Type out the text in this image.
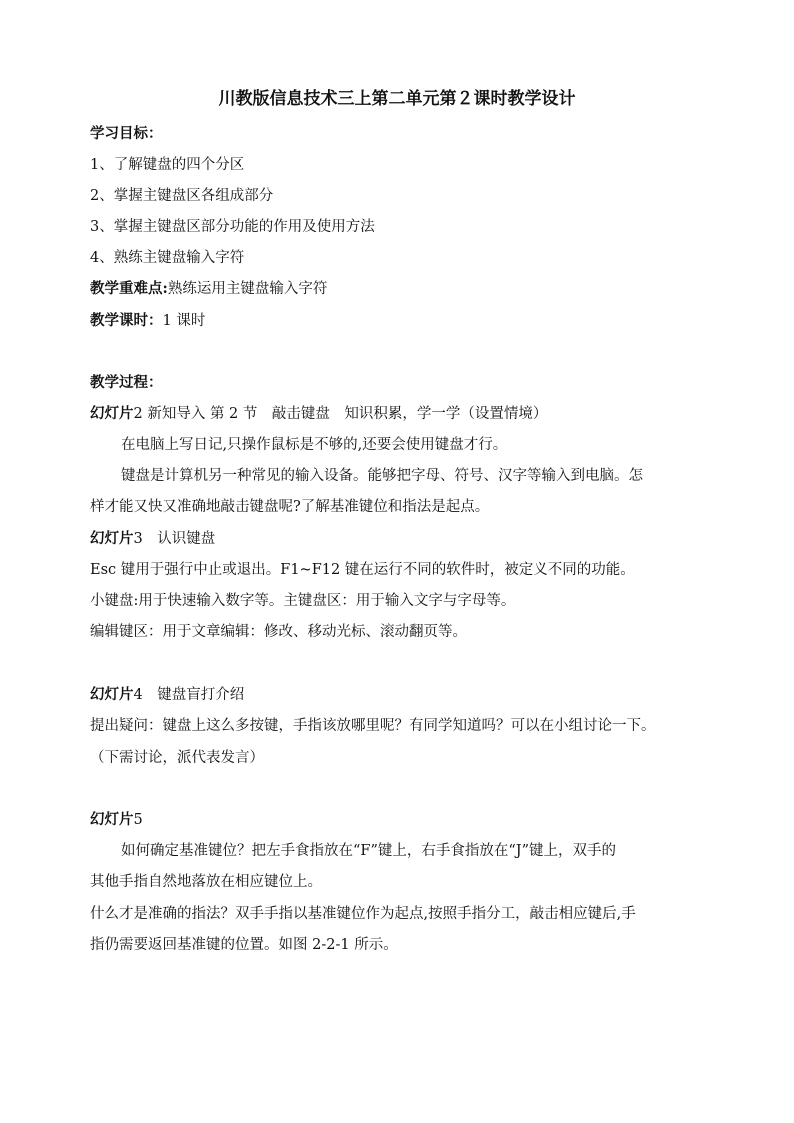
川教版信息技术三上第二单元第２课时教学设计
学习目标：
1、了解键盘的四个分区
2、掌握主键盘区各组成部分
3、掌握主键盘区部分功能的作用及使用方法
4、熟练主键盘输入字符
教学重难点:熟练运用主键盘输入字符
教学课时：1 课时
教学过程：
幻灯片2 新知导入 第 2 节　敲击键盘　知识积累，学一学（设置情境）
在电脑上写日记,只操作鼠标是不够的,还要会使用键盘才行。
键盘是计算机另一种常见的输入设备。能够把字母、符号、汉字等输入到电脑。怎
样才能又快又准确地敲击键盘呢?了解基准键位和指法是起点。
幻灯片3　认识键盘
Esc 键用于强行中止或退出。F1~F12 键在运行不同的软件时，被定义不同的功能。
小键盘:用于快速输入数字等。主键盘区：用于输入文字与字母等。
编辑键区：用于文章编辑：修改、移动光标、滚动翻页等。
幻灯片4　键盘盲打介绍
提出疑问：键盘上这么多按键，手指该放哪里呢？有同学知道吗？可以在小组讨论一下。
（下需讨论，派代表发言）
幻灯片5
如何确定基准键位？把左手食指放在“F”键上，右手食指放在“J”键上，双手的
其他手指自然地落放在相应键位上。
什么才是准确的指法？双手手指以基准键位作为起点,按照手指分工，敲击相应键后,手
指仍需要返回基准键的位置。如图 2-2-1 所示。
